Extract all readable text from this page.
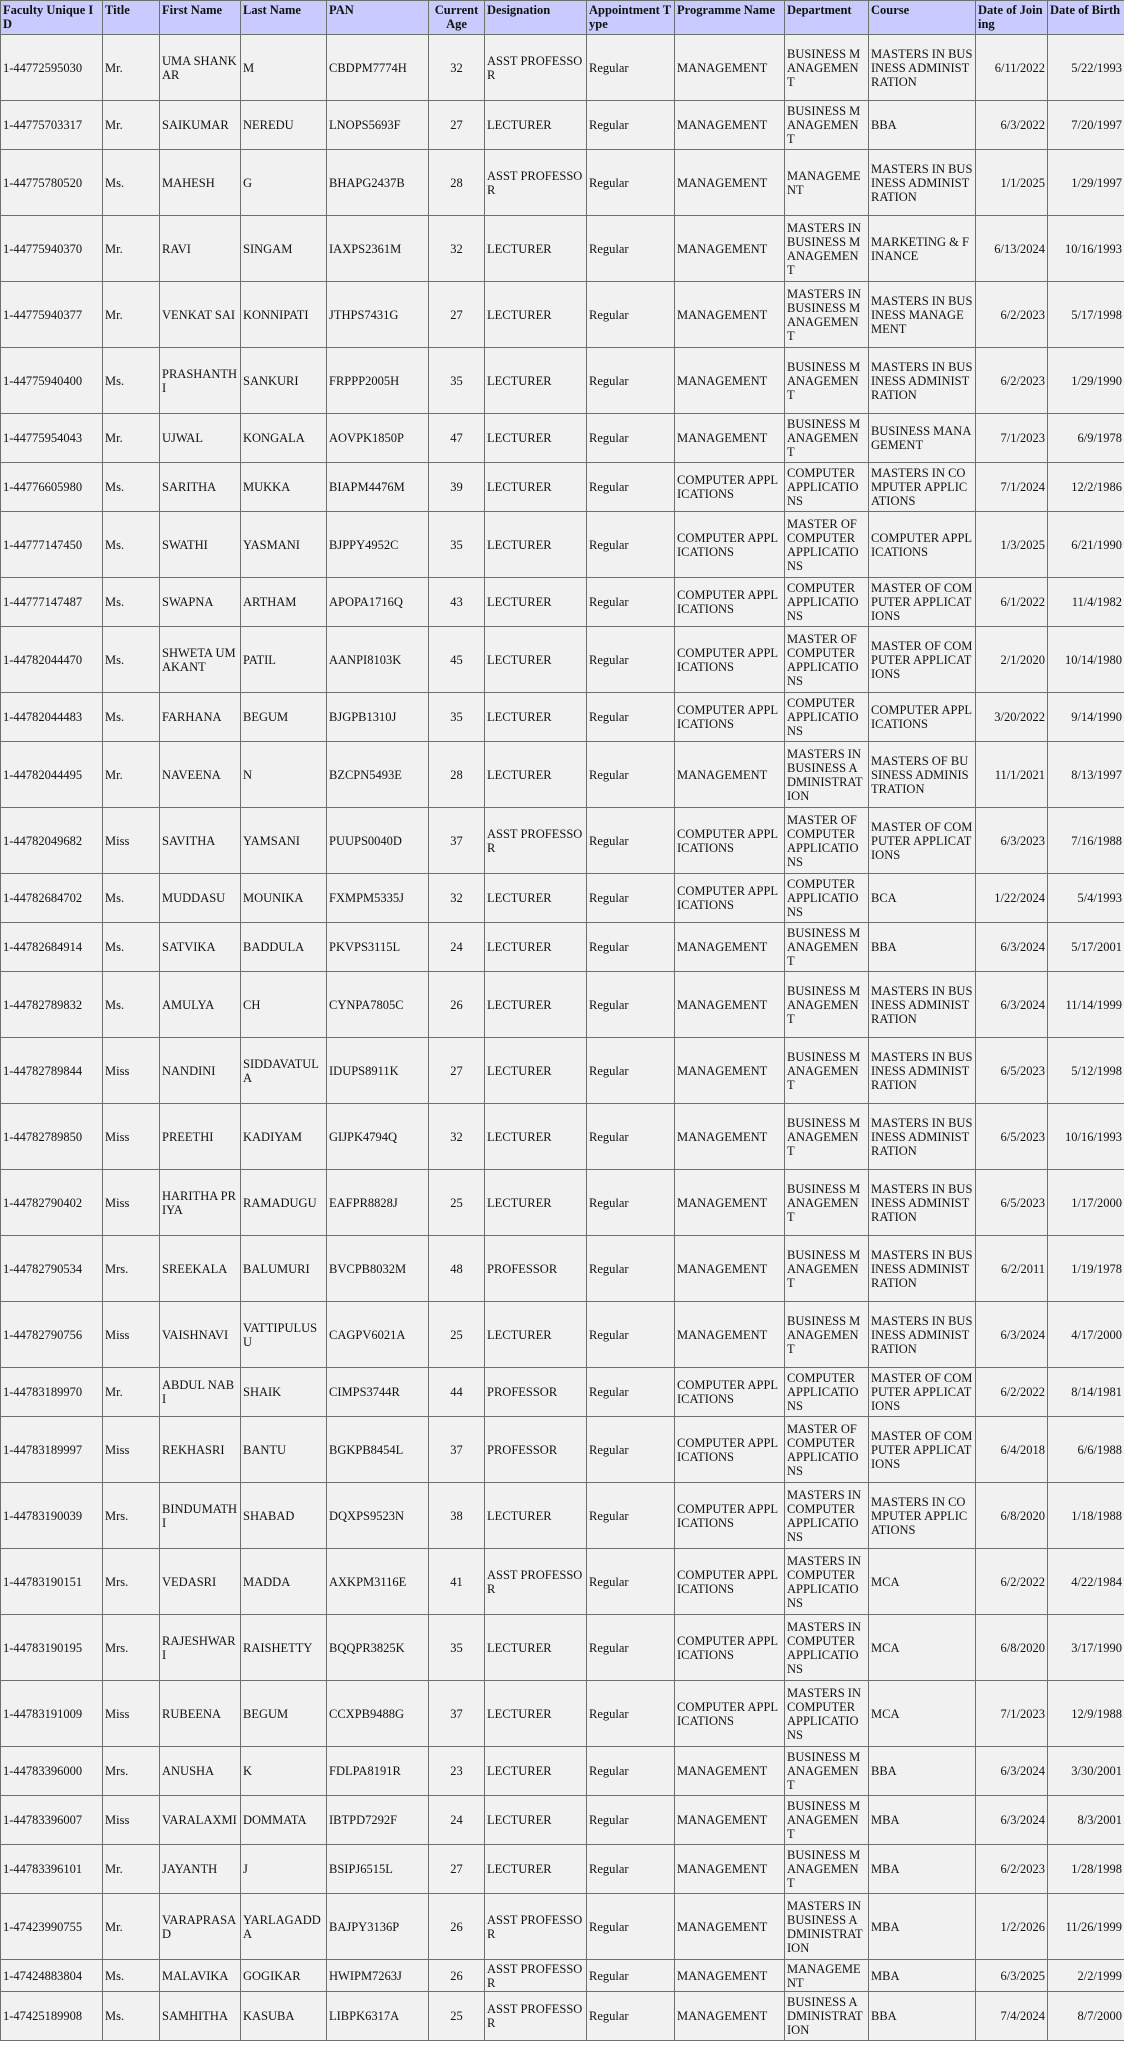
Faculty Unique ID	Title	First Name	Last Name	PAN	Current Age	Designation	Appointment Type	Programme Name	Department	Course	Date of Joining	Date of Birth
1-44772595030	Mr.	UMA SHANKAR	M	CBDPM7774H	32	ASST PROFESSOR	Regular	MANAGEMENT	BUSINESS MANAGEMENT	MASTERS IN BUSINESS ADMINISTRATION	6/11/2022	5/22/1993
1-44775703317	Mr.	SAIKUMAR	NEREDU	LNOPS5693F	27	LECTURER	Regular	MANAGEMENT	BUSINESS MANAGEMENT	BBA	6/3/2022	7/20/1997
1-44775780520	Ms.	MAHESH	G	BHAPG2437B	28	ASST PROFESSOR	Regular	MANAGEMENT	MANAGEMENT	MASTERS IN BUSINESS ADMINISTRATION	1/1/2025	1/29/1997
1-44775940370	Mr.	RAVI	SINGAM	IAXPS2361M	32	LECTURER	Regular	MANAGEMENT	MASTERS IN BUSINESS MANAGEMENT	MARKETING & FINANCE	6/13/2024	10/16/1993
1-44775940377	Mr.	VENKAT SAI	KONNIPATI	JTHPS7431G	27	LECTURER	Regular	MANAGEMENT	MASTERS IN BUSINESS MANAGEMENT	MASTERS IN BUSINESS MANAGEMENT	6/2/2023	5/17/1998
1-44775940400	Ms.	PRASHANTHI	SANKURI	FRPPP2005H	35	LECTURER	Regular	MANAGEMENT	BUSINESS MANAGEMENT	MASTERS IN BUSINESS ADMINISTRATION	6/2/2023	1/29/1990
1-44775954043	Mr.	UJWAL	KONGALA	AOVPK1850P	47	LECTURER	Regular	MANAGEMENT	BUSINESS MANAGEMENT	BUSINESS MANAGEMENT	7/1/2023	6/9/1978
1-44776605980	Ms.	SARITHA	MUKKA	BIAPM4476M	39	LECTURER	Regular	COMPUTER APPLICATIONS	COMPUTER APPLICATIONS	MASTERS IN COMPUTER APPLICATIONS	7/1/2024	12/2/1986
1-44777147450	Ms.	SWATHI	YASMANI	BJPPY4952C	35	LECTURER	Regular	COMPUTER APPLICATIONS	MASTER OF COMPUTER APPLICATIONS	COMPUTER APPLICATIONS	1/3/2025	6/21/1990
1-44777147487	Ms.	SWAPNA	ARTHAM	APOPA1716Q	43	LECTURER	Regular	COMPUTER APPLICATIONS	COMPUTER APPLICATIONS	MASTER OF COMPUTER APPLICATIONS	6/1/2022	11/4/1982
1-44782044470	Ms.	SHWETA UMAKANT	PATIL	AANPI8103K	45	LECTURER	Regular	COMPUTER APPLICATIONS	MASTER OF COMPUTER APPLICATIONS	MASTER OF COMPUTER APPLICATIONS	2/1/2020	10/14/1980
1-44782044483	Ms.	FARHANA	BEGUM	BJGPB1310J	35	LECTURER	Regular	COMPUTER APPLICATIONS	COMPUTER APPLICATIONS	COMPUTER APPLICATIONS	3/20/2022	9/14/1990
1-44782044495	Mr.	NAVEENA	N	BZCPN5493E	28	LECTURER	Regular	MANAGEMENT	MASTERS IN BUSINESS ADMINISTRATION	MASTERS OF BUSINESS ADMINISTRATION	11/1/2021	8/13/1997
1-44782049682	Miss	SAVITHA	YAMSANI	PUUPS0040D	37	ASST PROFESSOR	Regular	COMPUTER APPLICATIONS	MASTER OF COMPUTER APPLICATIONS	MASTER OF COMPUTER APPLICATIONS	6/3/2023	7/16/1988
1-44782684702	Ms.	MUDDASU	MOUNIKA	FXMPM5335J	32	LECTURER	Regular	COMPUTER APPLICATIONS	COMPUTER APPLICATIONS	BCA	1/22/2024	5/4/1993
1-44782684914	Ms.	SATVIKA	BADDULA	PKVPS3115L	24	LECTURER	Regular	MANAGEMENT	BUSINESS MANAGEMENT	BBA	6/3/2024	5/17/2001
1-44782789832	Ms.	AMULYA	CH	CYNPA7805C	26	LECTURER	Regular	MANAGEMENT	BUSINESS MANAGEMENT	MASTERS IN BUSINESS ADMINISTRATION	6/3/2024	11/14/1999
1-44782789844	Miss	NANDINI	SIDDAVATULA	IDUPS8911K	27	LECTURER	Regular	MANAGEMENT	BUSINESS MANAGEMENT	MASTERS IN BUSINESS ADMINISTRATION	6/5/2023	5/12/1998
1-44782789850	Miss	PREETHI	KADIYAM	GIJPK4794Q	32	LECTURER	Regular	MANAGEMENT	BUSINESS MANAGEMENT	MASTERS IN BUSINESS ADMINISTRATION	6/5/2023	10/16/1993
1-44782790402	Miss	HARITHA PRIYA	RAMADUGU	EAFPR8828J	25	LECTURER	Regular	MANAGEMENT	BUSINESS MANAGEMENT	MASTERS IN BUSINESS ADMINISTRATION	6/5/2023	1/17/2000
1-44782790534	Mrs.	SREEKALA	BALUMURI	BVCPB8032M	48	PROFESSOR	Regular	MANAGEMENT	BUSINESS MANAGEMENT	MASTERS IN BUSINESS ADMINISTRATION	6/2/2011	1/19/1978
1-44782790756	Miss	VAISHNAVI	VATTIPULUSU	CAGPV6021A	25	LECTURER	Regular	MANAGEMENT	BUSINESS MANAGEMENT	MASTERS IN BUSINESS ADMINISTRATION	6/3/2024	4/17/2000
1-44783189970	Mr.	ABDUL NABI	SHAIK	CIMPS3744R	44	PROFESSOR	Regular	COMPUTER APPLICATIONS	COMPUTER APPLICATIONS	MASTER OF COMPUTER APPLICATIONS	6/2/2022	8/14/1981
1-44783189997	Miss	REKHASRI	BANTU	BGKPB8454L	37	PROFESSOR	Regular	COMPUTER APPLICATIONS	MASTER OF COMPUTER APPLICATIONS	MASTER OF COMPUTER APPLICATIONS	6/4/2018	6/6/1988
1-44783190039	Mrs.	BINDUMATHI	SHABAD	DQXPS9523N	38	LECTURER	Regular	COMPUTER APPLICATIONS	MASTERS IN COMPUTER APPLICATIONS	MASTERS IN COMPUTER APPLICATIONS	6/8/2020	1/18/1988
1-44783190151	Mrs.	VEDASRI	MADDA	AXKPM3116E	41	ASST PROFESSOR	Regular	COMPUTER APPLICATIONS	MASTERS IN COMPUTER APPLICATIONS	MCA	6/2/2022	4/22/1984
1-44783190195	Mrs.	RAJESHWARI	RAISHETTY	BQQPR3825K	35	LECTURER	Regular	COMPUTER APPLICATIONS	MASTERS IN COMPUTER APPLICATIONS	MCA	6/8/2020	3/17/1990
1-44783191009	Miss	RUBEENA	BEGUM	CCXPB9488G	37	LECTURER	Regular	COMPUTER APPLICATIONS	MASTERS IN COMPUTER APPLICATIONS	MCA	7/1/2023	12/9/1988
1-44783396000	Mrs.	ANUSHA	K	FDLPA8191R	23	LECTURER	Regular	MANAGEMENT	BUSINESS MANAGEMENT	BBA	6/3/2024	3/30/2001
1-44783396007	Miss	VARALAXMI	DOMMATA	IBTPD7292F	24	LECTURER	Regular	MANAGEMENT	BUSINESS MANAGEMENT	MBA	6/3/2024	8/3/2001
1-44783396101	Mr.	JAYANTH	J	BSIPJ6515L	27	LECTURER	Regular	MANAGEMENT	BUSINESS MANAGEMENT	MBA	6/2/2023	1/28/1998
1-47423990755	Mr.	VARAPRASAD	YARLAGADDA	BAJPY3136P	26	ASST PROFESSOR	Regular	MANAGEMENT	MASTERS IN BUSINESS ADMINISTRATION	MBA	1/2/2026	11/26/1999
1-47424883804	Ms.	MALAVIKA	GOGIKAR	HWIPM7263J	26	ASST PROFESSOR	Regular	MANAGEMENT	MANAGEMENT	MBA	6/3/2025	2/2/1999
1-47425189908	Ms.	SAMHITHA	KASUBA	LIBPK6317A	25	ASST PROFESSOR	Regular	MANAGEMENT	BUSINESS ADMINISTRATION	BBA	7/4/2024	8/7/2000
